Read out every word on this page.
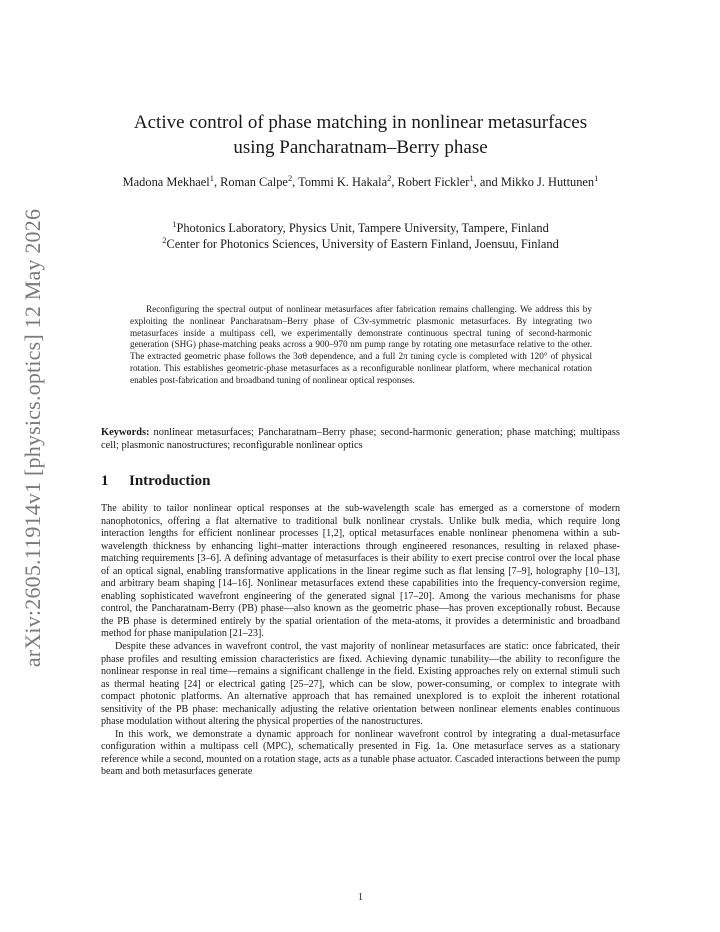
arXiv:2605.11914v1 [physics.optics] 12 May 2026
Active control of phase matching in nonlinear metasurfaces
using Pancharatnam–Berry phase
Madona Mekhael$^1$, Roman Calpe$^2$, Tommi K. Hakala$^2$, Robert Fickler$^1$, and Mikko J. Huttunen$^1$
$^1$Photonics Laboratory, Physics Unit, Tampere University, Tampere, Finland
$^2$Center for Photonics Sciences, University of Eastern Finland, Joensuu, Finland
Reconfiguring the spectral output of nonlinear metasurfaces after fabrication remains challenging. We address this by exploiting the nonlinear Pancharatnam–Berry phase of C3v-symmetric plasmonic metasurfaces. By integrating two metasurfaces inside a multipass cell, we experimentally demonstrate continuous spectral tuning of second-harmonic generation (SHG) phase-matching peaks across a 900–970 nm pump range by rotating one metasurface relative to the other. The extracted geometric phase follows the 3σθ dependence, and a full 2π tuning cycle is completed with 120° of physical rotation. This establishes geometric-phase metasurfaces as a reconfigurable nonlinear platform, where mechanical rotation enables post-fabrication and broadband tuning of nonlinear optical responses.
Keywords: nonlinear metasurfaces; Pancharatnam–Berry phase; second-harmonic generation; phase matching; multipass cell; plasmonic nanostructures; reconfigurable nonlinear optics
1 Introduction

The ability to tailor nonlinear optical responses at the sub-wavelength scale has emerged as a cornerstone of modern nanophotonics, offering a flat alternative to traditional bulk nonlinear crystals. Unlike bulk media, which require long interaction lengths for efficient nonlinear processes [1,2], optical metasurfaces enable nonlinear phenomena within a sub-wavelength thickness by enhancing light–matter interactions through engineered resonances, resulting in relaxed phase-matching requirements [3–6]. A defining advantage of metasurfaces is their ability to exert precise control over the local phase of an optical signal, enabling transformative applications in the linear regime such as flat lensing [7–9], holography [10–13], and arbitrary beam shaping [14–16]. Nonlinear metasurfaces extend these capabilities into the frequency-conversion regime, enabling sophisticated wavefront engineering of the generated signal [17–20]. Among the various mechanisms for phase control, the Pancharatnam-Berry (PB) phase—also known as the geometric phase—has proven exceptionally robust. Because the PB phase is determined entirely by the spatial orientation of the meta-atoms, it provides a deterministic and broadband method for phase manipulation [21–23].

Despite these advances in wavefront control, the vast majority of nonlinear metasurfaces are static: once fabricated, their phase profiles and resulting emission characteristics are fixed. Achieving dynamic tunability—the ability to reconfigure the nonlinear response in real time—remains a significant challenge in the field. Existing approaches rely on external stimuli such as thermal heating [24] or electrical gating [25–27], which can be slow, power-consuming, or complex to integrate with compact photonic platforms. An alternative approach that has remained unexplored is to exploit the inherent rotational sensitivity of the PB phase: mechanically adjusting the relative orientation between nonlinear elements enables continuous phase modulation without altering the physical properties of the nanostructures.

In this work, we demonstrate a dynamic approach for nonlinear wavefront control by integrating a dual-metasurface configuration within a multipass cell (MPC), schematically presented in Fig. 1a. One metasurface serves as a stationary reference while a second, mounted on a rotation stage, acts as a tunable phase actuator. Cascaded interactions between the pump beam and both metasurfaces generate

1
